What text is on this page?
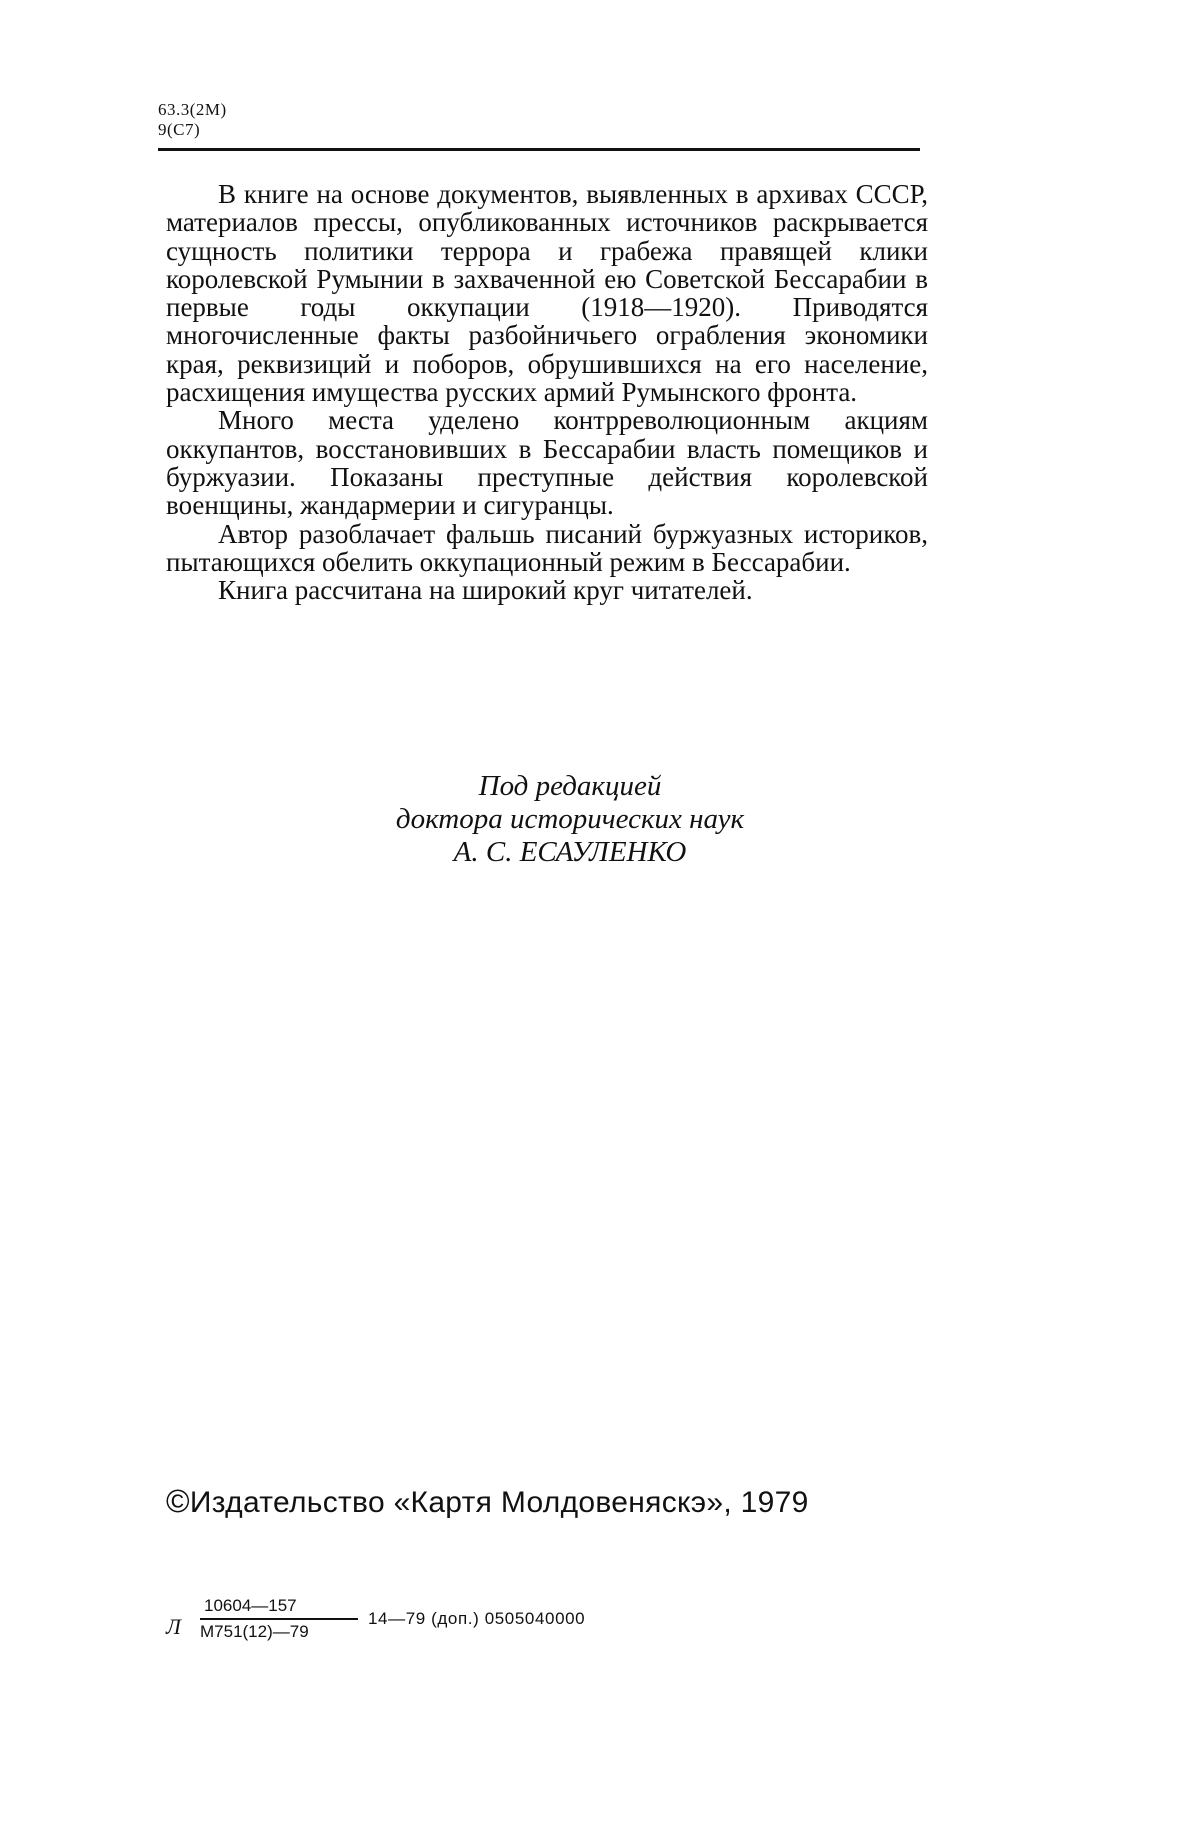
63.3(2М)
9(С7)

В книге на основе документов, выявленных в архивах СССР, материалов прессы, опубликованных источников раскрывается сущность политики террора и грабежа правящей клики королевской Румынии в захваченной ею Советской Бессарабии в первые годы оккупации (1918—1920). Приводятся многочисленные факты разбойничьего ограбления экономики края, реквизиций и поборов, обрушившихся на его население, расхищения имущества русских армий Румынского фронта.

Много места уделено контрреволюционным акциям оккупантов, восстановивших в Бессарабии власть помещиков и буржуазии. Показаны преступные действия королевской военщины, жандармерии и сигуранцы.

Автор разоблачает фальшь писаний буржуазных историков, пытающихся обелить оккупационный режим в Бессарабии.

Книга рассчитана на широкий круг читателей.

Под редакцией
доктора исторических наук
А. С. ЕСАУЛЕНКО
©Издательство «Картя Молдовеняскэ», 1979
Л
10604—157
М751(12)—79
14—79 (доп.) 0505040000
